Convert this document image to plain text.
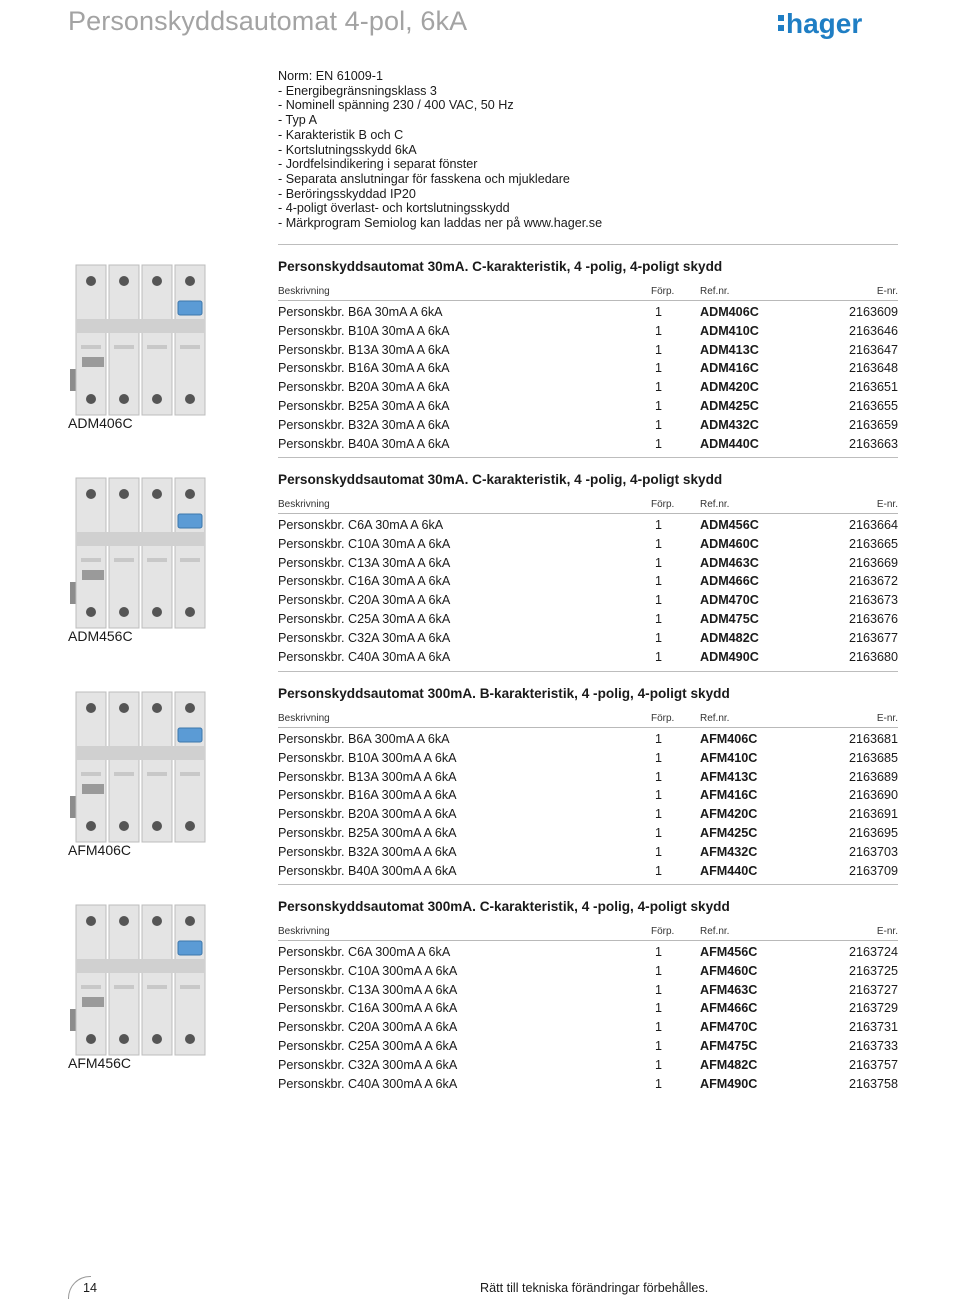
Personskyddsautomat 4-pol, 6kA	hager
Norm: EN 61009-1
- Energibegränsningsklass 3
- Nominell spänning 230 / 400 VAC, 50 Hz
- Typ A
- Karakteristik B och C
- Kortslutningsskydd 6kA
- Jordfelsindikering i separat fönster
- Separata anslutningar för fasskena och mjukledare
- Beröringsskyddad IP20
- 4-poligt överlast- och kortslutningsskydd
- Märkprogram Semiolog kan laddas ner på www.hager.se
ADM406C
Personskyddsautomat 30mA. C-karakteristik, 4 -polig, 4-poligt skydd
Beskrivning	Förp.	Ref.nr.	E-nr.
Personskbr. B6A 30mA A 6kA	1	ADM406C	2163609
Personskbr. B10A 30mA A 6kA	1	ADM410C	2163646
Personskbr. B13A 30mA A 6kA	1	ADM413C	2163647
Personskbr. B16A 30mA A 6kA	1	ADM416C	2163648
Personskbr. B20A 30mA A 6kA	1	ADM420C	2163651
Personskbr. B25A 30mA A 6kA	1	ADM425C	2163655
Personskbr. B32A 30mA A 6kA	1	ADM432C	2163659
Personskbr. B40A 30mA A 6kA	1	ADM440C	2163663
ADM456C
Personskyddsautomat 30mA. C-karakteristik, 4 -polig, 4-poligt skydd
Beskrivning	Förp.	Ref.nr.	E-nr.
Personskbr. C6A 30mA A 6kA	1	ADM456C	2163664
Personskbr. C10A 30mA A 6kA	1	ADM460C	2163665
Personskbr. C13A 30mA A 6kA	1	ADM463C	2163669
Personskbr. C16A 30mA A 6kA	1	ADM466C	2163672
Personskbr. C20A 30mA A 6kA	1	ADM470C	2163673
Personskbr. C25A 30mA A 6kA	1	ADM475C	2163676
Personskbr. C32A 30mA A 6kA	1	ADM482C	2163677
Personskbr. C40A 30mA A 6kA	1	ADM490C	2163680
AFM406C
Personskyddsautomat 300mA. B-karakteristik, 4 -polig, 4-poligt skydd
Beskrivning	Förp.	Ref.nr.	E-nr.
Personskbr. B6A 300mA A 6kA	1	AFM406C	2163681
Personskbr. B10A 300mA A 6kA	1	AFM410C	2163685
Personskbr. B13A 300mA A 6kA	1	AFM413C	2163689
Personskbr. B16A 300mA A 6kA	1	AFM416C	2163690
Personskbr. B20A 300mA A 6kA	1	AFM420C	2163691
Personskbr. B25A 300mA A 6kA	1	AFM425C	2163695
Personskbr. B32A 300mA A 6kA	1	AFM432C	2163703
Personskbr. B40A 300mA A 6kA	1	AFM440C	2163709
AFM456C
Personskyddsautomat 300mA. C-karakteristik, 4 -polig, 4-poligt skydd
Beskrivning	Förp.	Ref.nr.	E-nr.
Personskbr. C6A 300mA A 6kA	1	AFM456C	2163724
Personskbr. C10A 300mA A 6kA	1	AFM460C	2163725
Personskbr. C13A 300mA A 6kA	1	AFM463C	2163727
Personskbr. C16A 300mA A 6kA	1	AFM466C	2163729
Personskbr. C20A 300mA A 6kA	1	AFM470C	2163731
Personskbr. C25A 300mA A 6kA	1	AFM475C	2163733
Personskbr. C32A 300mA A 6kA	1	AFM482C	2163757
Personskbr. C40A 300mA A 6kA	1	AFM490C	2163758
14	Rätt till tekniska förändringar förbehålles.
